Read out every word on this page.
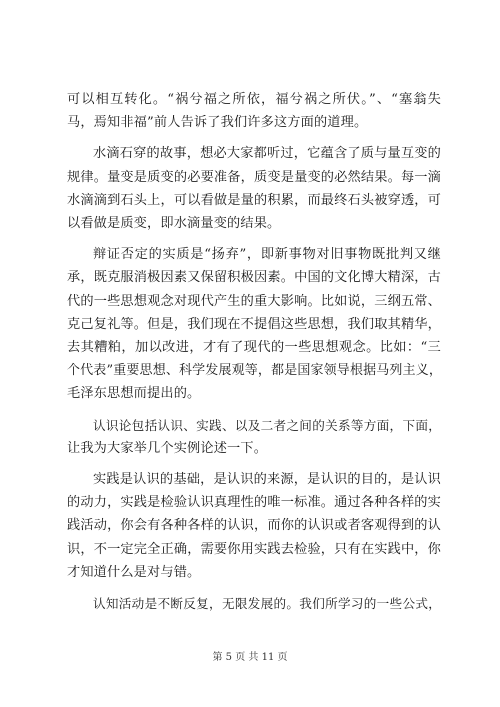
可以相互转化。“祸兮福之所依，福兮祸之所伏。”、“塞翁失
马，焉知非福”前人告诉了我们许多这方面的道理。
水滴石穿的故事，想必大家都听过，它蕴含了质与量互变的
规律。量变是质变的必要准备，质变是量变的必然结果。每一滴
水滴滴到石头上，可以看做是量的积累，而最终石头被穿透，可
以看做是质变，即水滴量变的结果。
辩证否定的实质是“扬弃”，即新事物对旧事物既批判又继
承，既克服消极因素又保留积极因素。中国的文化博大精深，古
代的一些思想观念对现代产生的重大影响。比如说，三纲五常、
克己复礼等。但是，我们现在不提倡这些思想，我们取其精华，
去其糟粕，加以改进，才有了现代的一些思想观念。比如：“三
个代表”重要思想、科学发展观等，都是国家领导根据马列主义，
毛泽东思想而提出的。
认识论包括认识、实践、以及二者之间的关系等方面，下面，
让我为大家举几个实例论述一下。
实践是认识的基础，是认识的来源，是认识的目的，是认识
的动力，实践是检验认识真理性的唯一标准。通过各种各样的实
践活动，你会有各种各样的认识，而你的认识或者客观得到的认
识，不一定完全正确，需要你用实践去检验，只有在实践中，你
才知道什么是对与错。
认知活动是不断反复，无限发展的。我们所学习的一些公式，
第 5 页 共 11 页
